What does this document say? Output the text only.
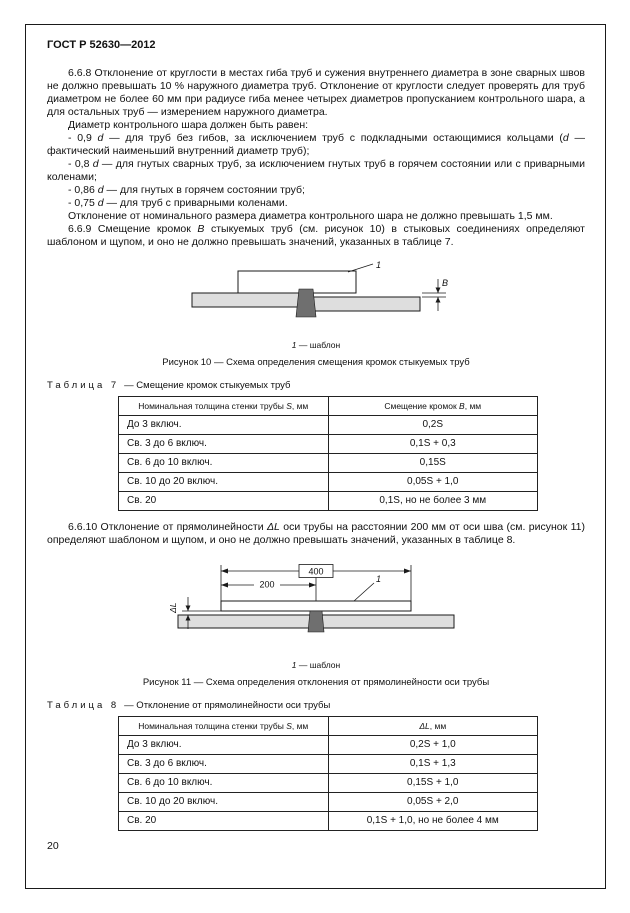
ГОСТ Р 52630—2012

6.6.8 Отклонение от круглости в местах гиба труб и сужения внутреннего диаметра в зоне сварных швов не должно превышать 10 % наружного диаметра труб. Отклонение от круглости следует проверять для труб диаметром не более 60 мм при радиусе гиба менее четырех диаметров пропусканием контрольного шара, а для остальных труб — измерением наружного диаметра.

Диаметр контрольного шара должен быть равен:

- 0,9 d — для труб без гибов, за исключением труб с подкладными остающимися кольцами (d — фактический наименьший внутренний диаметр труб);

- 0,8 d — для гнутых сварных труб, за исключением гнутых труб в горячем состоянии или с приварными коленами;

- 0,86 d — для гнутых в горячем состоянии труб;

- 0,75 d — для труб с приварными коленами.

Отклонение от номинального размера диаметра контрольного шара не должно превышать 1,5 мм.

6.6.9 Смещение кромок B стыкуемых труб (см. рисунок 10) в стыковых соединениях определяют шаблоном и щупом, и оно не должно превышать значений, указанных в таблице 7.

1
B
1 — шаблон
Рисунок 10 — Схема определения смещения кромок стыкуемых труб
Таблица 7 — Смещение кромок стыкуемых труб
Номинальная толщина стенки трубы S, мм	Смещение кромок B, мм
До 3 включ.	0,2S
Св. 3 до 6 включ.	0,1S + 0,3
Св. 6 до 10 включ.	0,15S
Св. 10 до 20 включ.	0,05S + 1,0
Св. 20	0,1S, но не более 3 мм

6.6.10 Отклонение от прямолинейности ΔL оси трубы на расстоянии 200 мм от оси шва (см. рисунок 11) определяют шаблоном и щупом, и оно не должно превышать значений, указанных в таблице 8.

400
200
1
ΔL
1 — шаблон
Рисунок 11 — Схема определения отклонения от прямолинейности оси трубы
Таблица 8 — Отклонение от прямолинейности оси трубы
Номинальная толщина стенки трубы S, мм	ΔL, мм
До 3 включ.	0,2S + 1,0
Св. 3 до 6 включ.	0,1S + 1,3
Св. 6 до 10 включ.	0,15S + 1,0
Св. 10 до 20 включ.	0,05S + 2,0
Св. 20	0,1S + 1,0, но не более 4 мм
20
